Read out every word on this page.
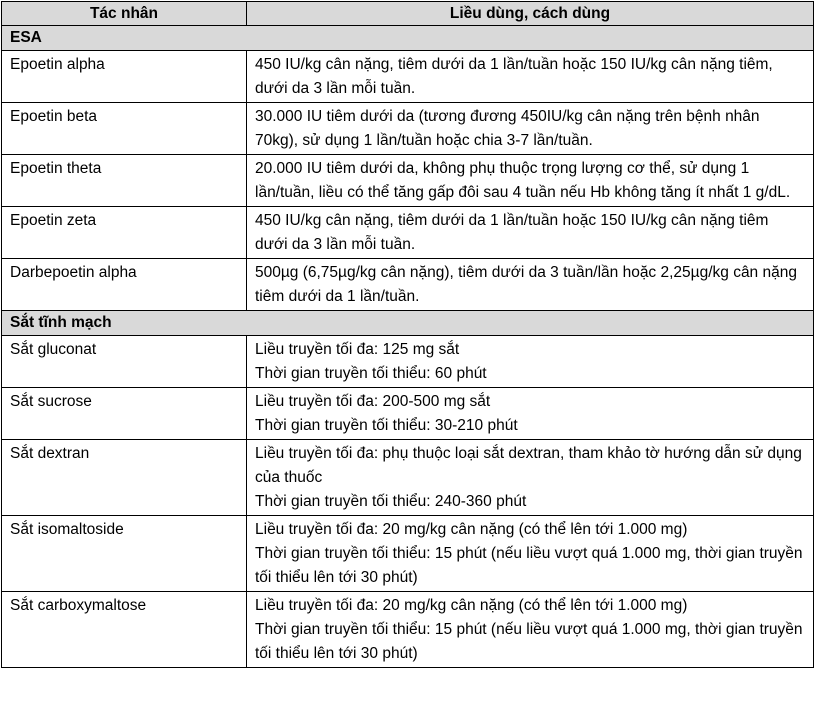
Tác nhân	Liều dùng, cách dùng
ESA	
Epoetin alpha	450 IU/kg cân nặng, tiêm dưới da 1 lần/tuần hoặc 150 IU/kg cân nặng tiêm, dưới da 3 lần mỗi tuần.

Epoetin beta	30.000 IU tiêm dưới da (tương đương 450IU/kg cân nặng trên bệnh nhân 70kg), sử dụng 1 lần/tuần hoặc chia 3-7 lần/tuần.

Epoetin theta	20.000 IU tiêm dưới da, không phụ thuộc trọng lượng cơ thể, sử dụng 1 lần/tuần, liều có thể tăng gấp đôi sau 4 tuần nếu Hb không tăng ít nhất 1 g/dL.

Epoetin zeta	450 IU/kg cân nặng, tiêm dưới da 1 lần/tuần hoặc 150 IU/kg cân nặng tiêm dưới da 3 lần mỗi tuần.

Darbepoetin alpha	500µg (6,75µg/kg cân nặng), tiêm dưới da 3 tuần/lần hoặc 2,25µg/kg cân nặng tiêm dưới da 1 lần/tuần.

Sắt tĩnh mạch	
Sắt gluconat	Liều truyền tối đa: 125 mg sắt
Thời gian truyền tối thiểu: 60 phút

Sắt sucrose	Liều truyền tối đa: 200-500 mg sắt
Thời gian truyền tối thiểu: 30-210 phút

Sắt dextran	Liều truyền tối đa: phụ thuộc loại sắt dextran, tham khảo tờ hướng dẫn sử dụng của thuốc
Thời gian truyền tối thiểu: 240-360 phút

Sắt isomaltoside	Liều truyền tối đa: 20 mg/kg cân nặng (có thể lên tới 1.000 mg)
Thời gian truyền tối thiểu: 15 phút (nếu liều vượt quá 1.000 mg, thời gian truyền tối thiểu lên tới 30 phút)

Sắt carboxymaltose	Liều truyền tối đa: 20 mg/kg cân nặng (có thể lên tới 1.000 mg)
Thời gian truyền tối thiểu: 15 phút (nếu liều vượt quá 1.000 mg, thời gian truyền tối thiểu lên tới 30 phút)
